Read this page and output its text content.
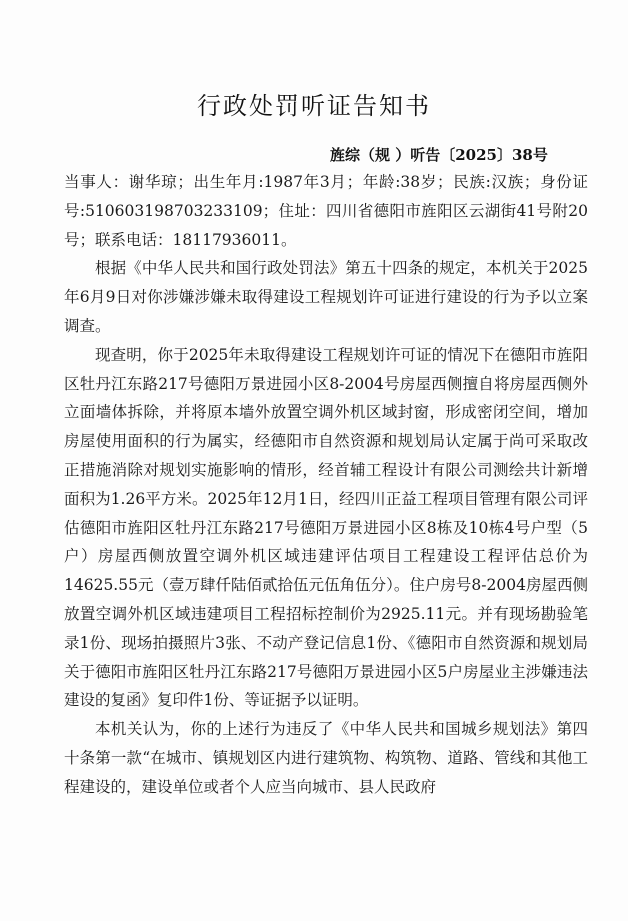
行政处罚听证告知书
旌综（规 ）听告〔2025〕38号

当事人：谢华琼；出生年月:1987年3月；年龄:38岁；民族:汉族；身份证号:510603198703233109；住址：四川省德阳市旌阳区云湖街41号附20号；联系电话：18117936011。

根据《中华人民共和国行政处罚法》第五十四条的规定，本机关于2025年6月9日对你涉嫌涉嫌未取得建设工程规划许可证进行建设的行为予以立案调查。

现查明，你于2025年未取得建设工程规划许可证的情况下在德阳市旌阳区牡丹江东路217号德阳万景进园小区8-2004号房屋西侧擅自将房屋西侧外立面墙体拆除，并将原本墙外放置空调外机区域封窗，形成密闭空间，增加房屋使用面积的行为属实，经德阳市自然资源和规划局认定属于尚可采取改正措施消除对规划实施影响的情形，经首辅工程设计有限公司测绘共计新增面积为1.26平方米。2025年12月1日，经四川正益工程项目管理有限公司评估德阳市旌阳区牡丹江东路217号德阳万景进园小区8栋及10栋4号户型（5户）房屋西侧放置空调外机区域违建评估项目工程建设工程评估总价为14625.55元（壹万肆仟陆佰贰拾伍元伍角伍分）。住户房号8-2004房屋西侧放置空调外机区域违建项目工程招标控制价为2925.11元。并有现场勘验笔录1份、现场拍摄照片3张、不动产登记信息1份、《德阳市自然资源和规划局关于德阳市旌阳区牡丹江东路217号德阳万景进园小区5户房屋业主涉嫌违法建设的复函》复印件1份、等证据予以证明。

本机关认为，你的上述行为违反了《中华人民共和国城乡规划法》第四十条第一款“在城市、镇规划区内进行建筑物、构筑物、道路、管线和其他工程建设的，建设单位或者个人应当向城市、县人民政府
